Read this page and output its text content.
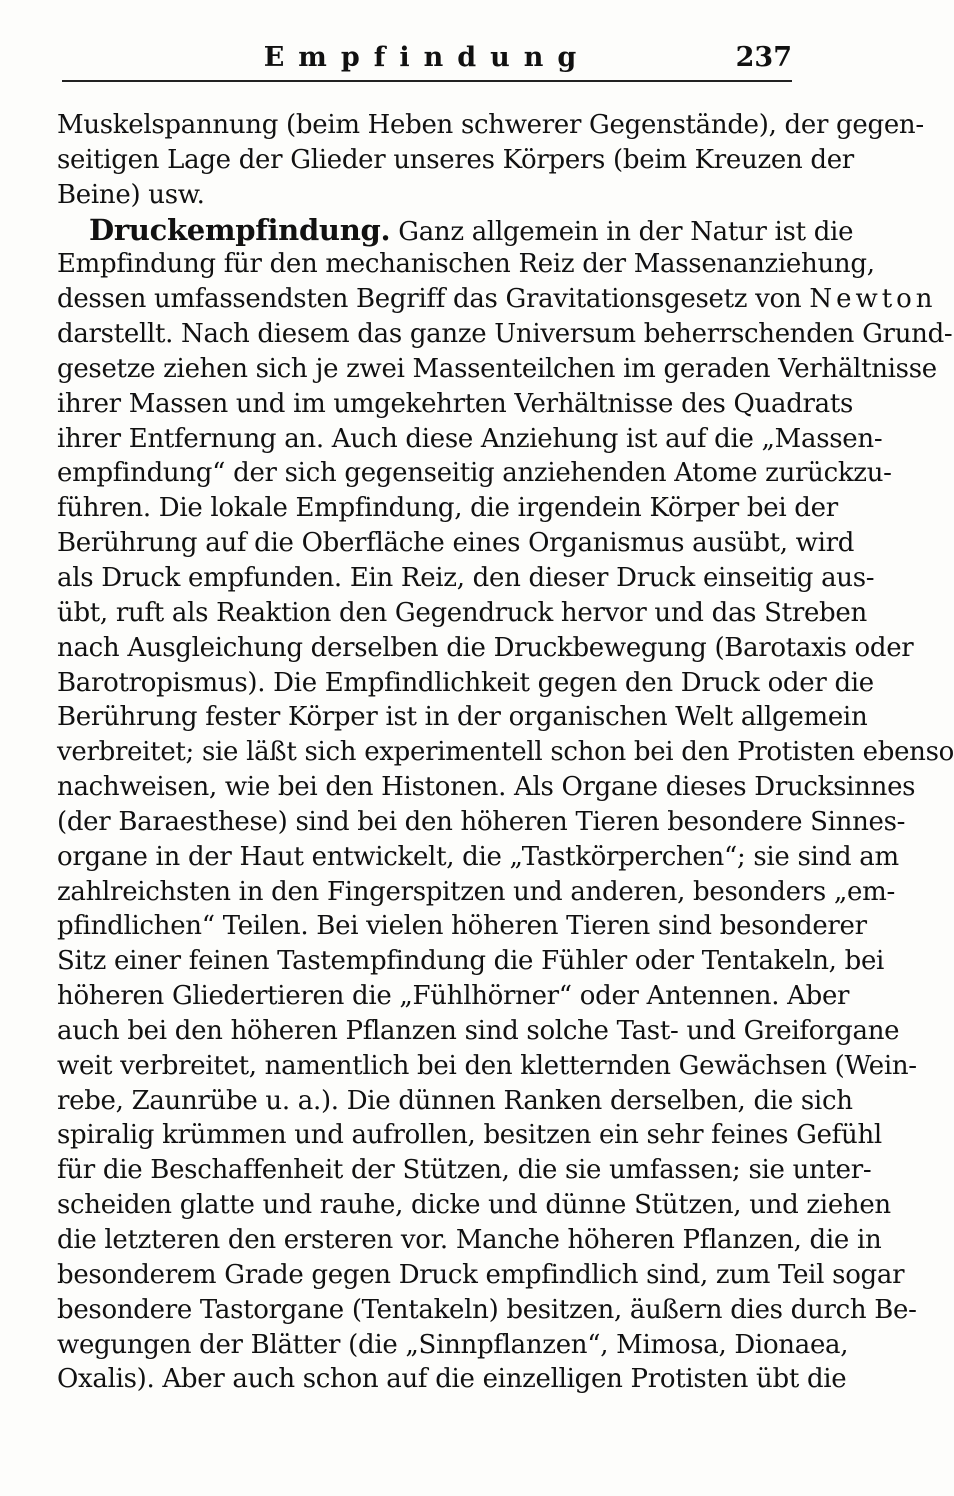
Empfindung	237
Muskelspannung (beim Heben schwerer Gegenstände), der gegen-
seitigen Lage der Glieder unseres Körpers (beim Kreuzen der
Beine) usw.
Druckempfindung. Ganz allgemein in der Natur ist die
Empfindung für den mechanischen Reiz der Massenanziehung,
dessen umfassendsten Begriff das Gravitationsgesetz von Newton
darstellt. Nach diesem das ganze Universum beherrschenden Grund-
gesetze ziehen sich je zwei Massenteilchen im geraden Verhältnisse
ihrer Massen und im umgekehrten Verhältnisse des Quadrats
ihrer Entfernung an. Auch diese Anziehung ist auf die „Massen-
empfindung“ der sich gegenseitig anziehenden Atome zurückzu-
führen. Die lokale Empfindung, die irgendein Körper bei der
Berührung auf die Oberfläche eines Organismus ausübt, wird
als Druck empfunden. Ein Reiz, den dieser Druck einseitig aus-
übt, ruft als Reaktion den Gegendruck hervor und das Streben
nach Ausgleichung derselben die Druckbewegung (Barotaxis oder
Barotropismus). Die Empfindlichkeit gegen den Druck oder die
Berührung fester Körper ist in der organischen Welt allgemein
verbreitet; sie läßt sich experimentell schon bei den Protisten ebenso
nachweisen, wie bei den Histonen. Als Organe dieses Drucksinnes
(der Baraesthese) sind bei den höheren Tieren besondere Sinnes-
organe in der Haut entwickelt, die „Tastkörperchen“; sie sind am
zahlreichsten in den Fingerspitzen und anderen, besonders „em-
pfindlichen“ Teilen. Bei vielen höheren Tieren sind besonderer
Sitz einer feinen Tastempfindung die Fühler oder Tentakeln, bei
höheren Gliedertieren die „Fühlhörner“ oder Antennen. Aber
auch bei den höheren Pflanzen sind solche Tast- und Greiforgane
weit verbreitet, namentlich bei den kletternden Gewächsen (Wein-
rebe, Zaunrübe u. a.). Die dünnen Ranken derselben, die sich
spiralig krümmen und aufrollen, besitzen ein sehr feines Gefühl
für die Beschaffenheit der Stützen, die sie umfassen; sie unter-
scheiden glatte und rauhe, dicke und dünne Stützen, und ziehen
die letzteren den ersteren vor. Manche höheren Pflanzen, die in
besonderem Grade gegen Druck empfindlich sind, zum Teil sogar
besondere Tastorgane (Tentakeln) besitzen, äußern dies durch Be-
wegungen der Blätter (die „Sinnpflanzen“, Mimosa, Dionaea,
Oxalis). Aber auch schon auf die einzelligen Protisten übt die
